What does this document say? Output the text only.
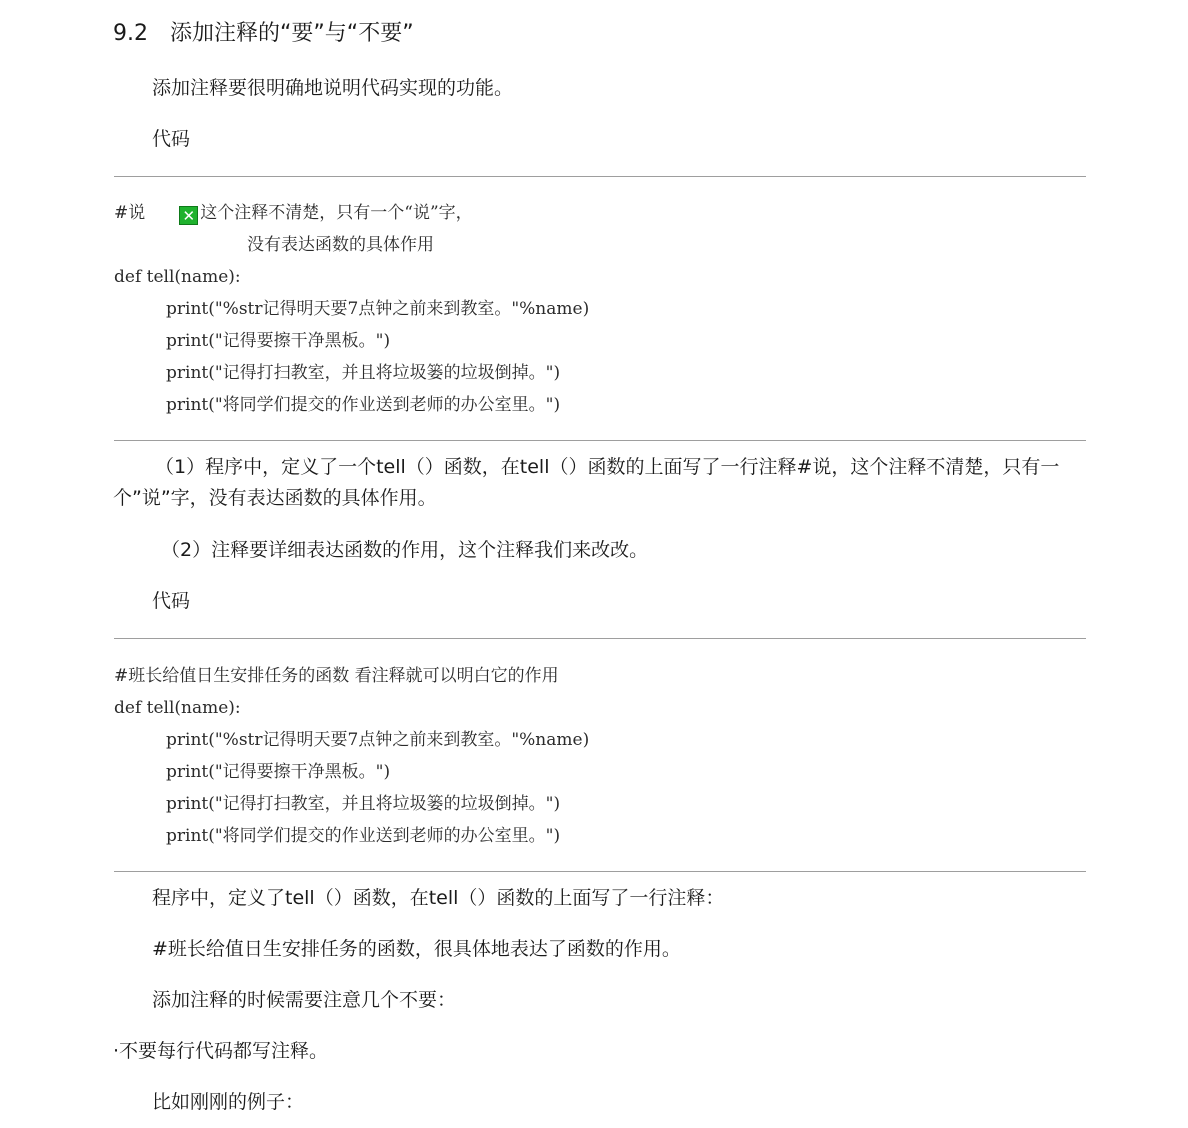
9.2 添加注释的“要”与“不要”
添加注释要很明确地说明代码实现的功能。
代码
#说 ✕ 这个注释不清楚，只有一个“说”字，
没有表达函数的具体作用
def tell(name):
print("%str记得明天要7点钟之前来到教室。"%name)
print("记得要擦干净黑板。")
print("记得打扫教室，并且将垃圾篓的垃圾倒掉。")
print("将同学们提交的作业送到老师的办公室里。")
（1）程序中，定义了一个tell（）函数，在tell（）函数的上面写了一行注释#说，这个注释不清楚，只有一个”说”字，没有表达函数的具体作用。
（2）注释要详细表达函数的作用，这个注释我们来改改。
代码
#班长给值日生安排任务的函数 看注释就可以明白它的作用
def tell(name):
print("%str记得明天要7点钟之前来到教室。"%name)
print("记得要擦干净黑板。")
print("记得打扫教室，并且将垃圾篓的垃圾倒掉。")
print("将同学们提交的作业送到老师的办公室里。")
程序中，定义了tell（）函数，在tell（）函数的上面写了一行注释：
#班长给值日生安排任务的函数，很具体地表达了函数的作用。
添加注释的时候需要注意几个不要：
·不要每行代码都写注释。
比如刚刚的例子：
